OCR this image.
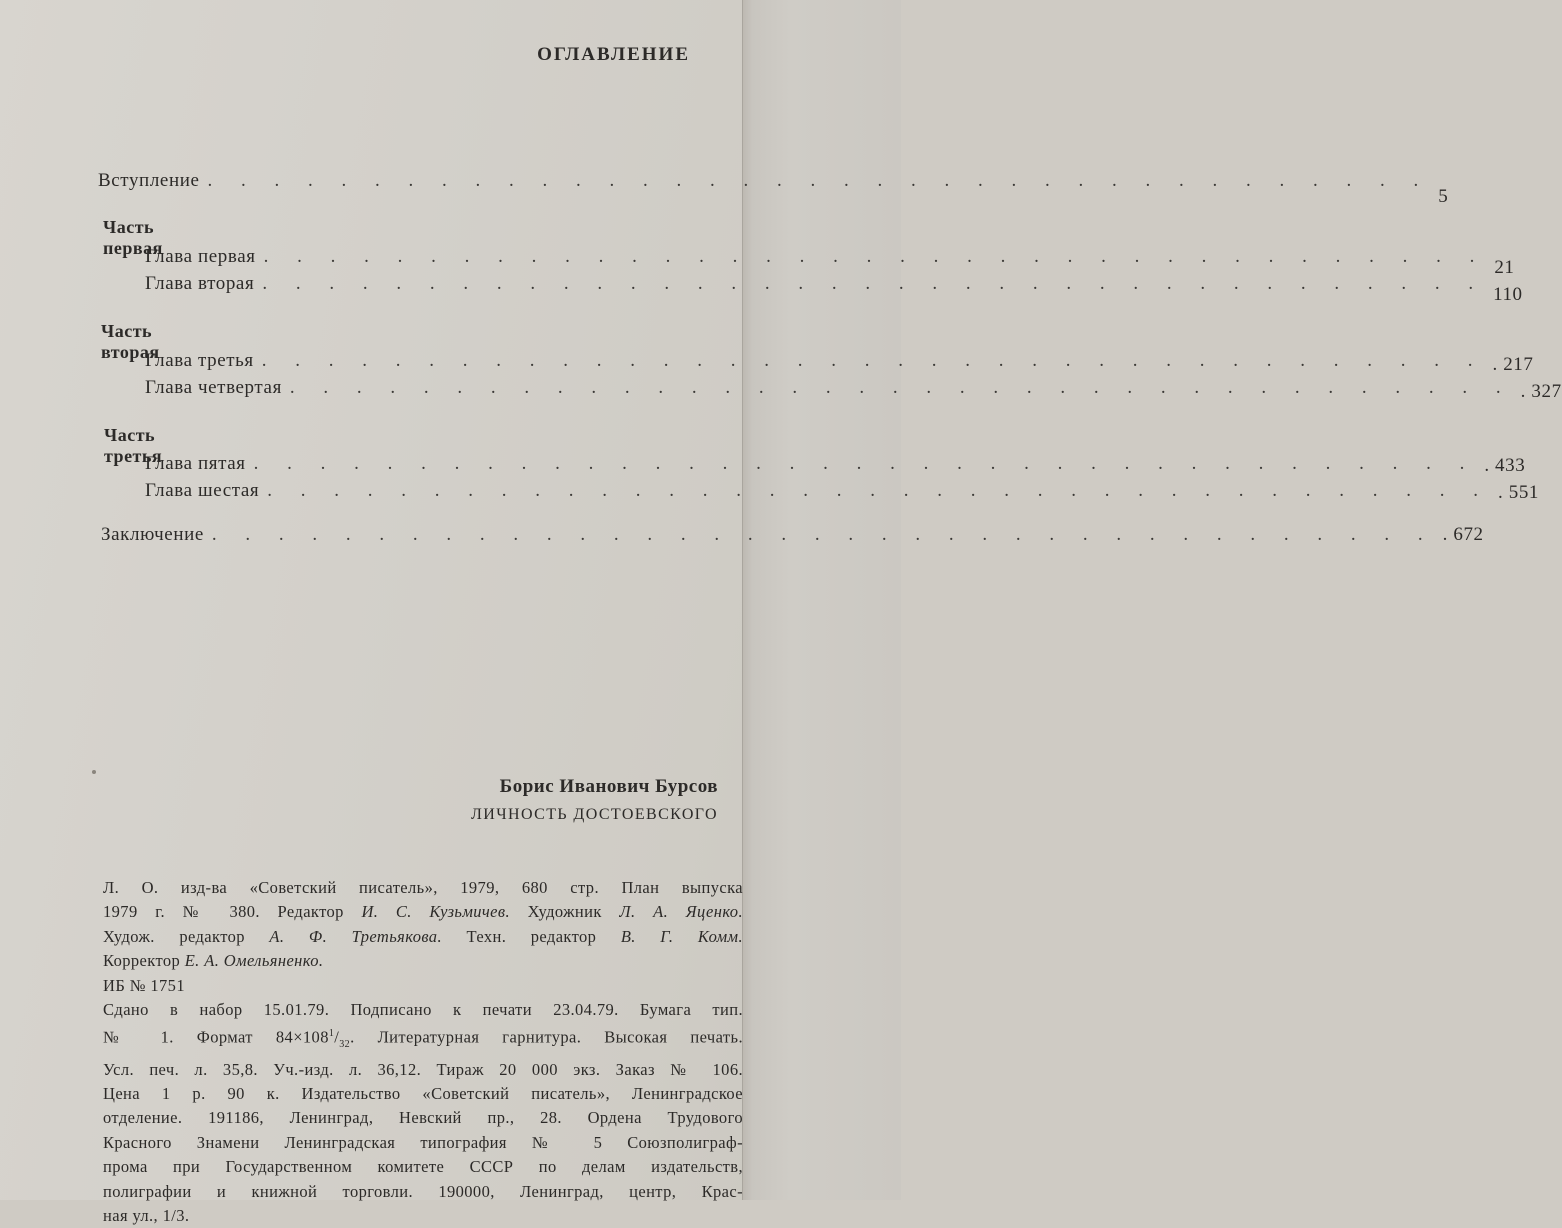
ОГЛАВЛЕНИЕ
Вступление . . . . . . . . . . . . . . . . . . . . . . . . . . . . . . . . . . . . .
5
Часть первая
Глава первая . . . . . . . . . . . . . . . . . . . . . . . . . . . . . . . . . . . . .
21
Глава вторая . . . . . . . . . . . . . . . . . . . . . . . . . . . . . . . . . . . . .
110
Часть вторая
Глава третья . . . . . . . . . . . . . . . . . . . . . . . . . . . . . . . . . . . . . . 217
Глава четвертая . . . . . . . . . . . . . . . . . . . . . . . . . . . . . . . . . . . . . . 327
Часть третья
Глава пятая . . . . . . . . . . . . . . . . . . . . . . . . . . . . . . . . . . . . . . 433
Глава шестая . . . . . . . . . . . . . . . . . . . . . . . . . . . . . . . . . . . . . . 551
Заключение . . . . . . . . . . . . . . . . . . . . . . . . . . . . . . . . . . . . . . 672
Борис Иванович Бурсов
ЛИЧНОСТЬ ДОСТОЕВСКОГО
Л. О. изд-ва «Советский писатель», 1979, 680 стр. План выпуска
1979 г. № 380. Редактор И. С. Кузьмичев. Художник Л. А. Яценко.
Худож. редактор А. Ф. Третьякова. Техн. редактор В. Г. Комм.
Корректор Е. А. Омельяненко.
ИБ № 1751
Сдано в набор 15.01.79. Подписано к печати 23.04.79. Бумага тип.
№ 1. Формат $84\times 108^1/_{32}$. Литературная гарнитура. Высокая печать.
Усл. печ. л. 35,8. Уч.-изд. л. 36,12. Тираж 20 000 экз. Заказ № 106.
Цена 1 р. 90 к. Издательство «Советский писатель», Ленинградское
отделение. 191186, Ленинград, Невский пр., 28. Ордена Трудового
Красного Знамени Ленинградская типография № 5 Союзполиграф-
прома при Государственном комитете СССР по делам издательств,
полиграфии и книжной торговли. 190000, Ленинград, центр, Крас-
ная ул., 1/3.
